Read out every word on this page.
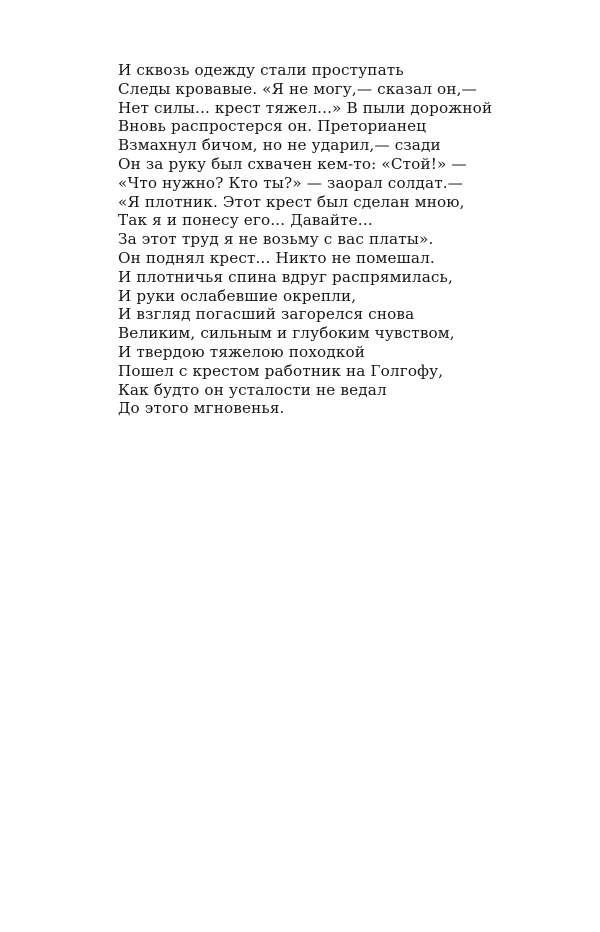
И сквозь одежду стали проступать
Следы кровавые. «Я не могу,— сказал он,—
Нет силы... крест тяжел...» В пыли дорожной
Вновь распростерся он. Преторианец
Взмахнул бичом, но не ударил,— сзади
Он за руку был схвачен кем-то: «Стой!» —
«Что нужно? Кто ты?» — заорал солдат.—
«Я плотник. Этот крест был сделан мною,
Так я и понесу его... Давайте...
За этот труд я не возьму с вас платы».
Он поднял крест... Никто не помешал.
И плотничья спина вдруг распрямилась,
И руки ослабевшие окрепли,
И взгляд погасший загорелся снова
Великим, сильным и глубоким чувством,
И твердою тяжелою походкой
Пошел с крестом работник на Голгофу,
Как будто он усталости не ведал
До этого мгновенья.
